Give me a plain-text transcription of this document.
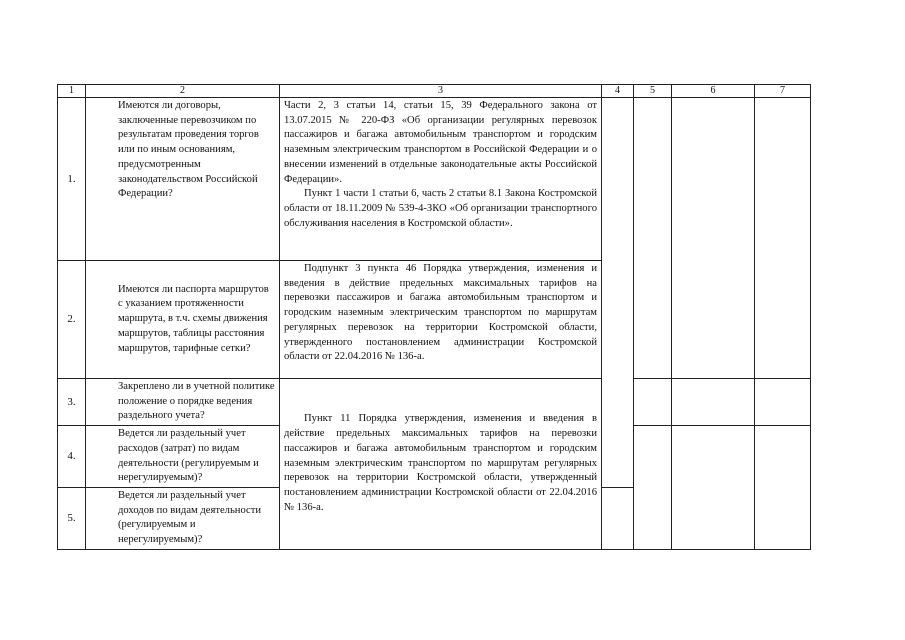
1	2	3	4	5	6	7
1.	Имеются ли договоры, заключенные перевозчиком по результатам проведения торгов или по иным основаниям, предусмотренным законодательством Российской Федерации?	Части 2, 3 статьи 14, статьи 15, 39 Федерального закона от 13.07.2015 № 220-ФЗ «Об организации регулярных перевозок пассажиров и багажа автомобильным транспортом и городским наземным электрическим транспортом в Российской Федерации и о внесении изменений в отдельные законодательные акты Российской Федерации».

Пункт 1 части 1 статьи 6, часть 2 статьи 8.1 Закона Костромской области от 18.11.2009 № 539-4-ЗКО «Об организации транспортного обслуживания населения в Костромской области».				

2.	Имеются ли паспорта маршрутов с указанием протяженности маршрута, в т.ч. схемы движения маршрутов, таблицы расстояния маршрутов, тарифные сетки?	Подпункт 3 пункта 46 Порядка утверждения, изменения и введения в действие предельных максимальных тарифов на перевозки пассажиров и багажа автомобильным транспортом и городским наземным электрическим транспортом по маршрутам регулярных перевозок на территории Костромской области, утвержденного постановлением администрации Костромской области от 22.04.2016 № 136-а.				

3.	Закреплено ли в учетной политике положение о порядке ведения раздельного учета?	Пункт 11 Порядка утверждения, изменения и введения в действие предельных максимальных тарифов на перевозки пассажиров и багажа автомобильным транспортом и городским наземным электрическим транспортом по маршрутам регулярных перевозок на территории Костромской области, утвержденный постановлением администрации Костромской области от 22.04.2016 № 136-а.				

4.	Ведется ли раздельный учет расходов (затрат) по видам деятельности (регулируемым и нерегулируемым)?					
5.	Ведется ли раздельный учет доходов по видам деятельности (регулируемым и нерегулируемым)?					
